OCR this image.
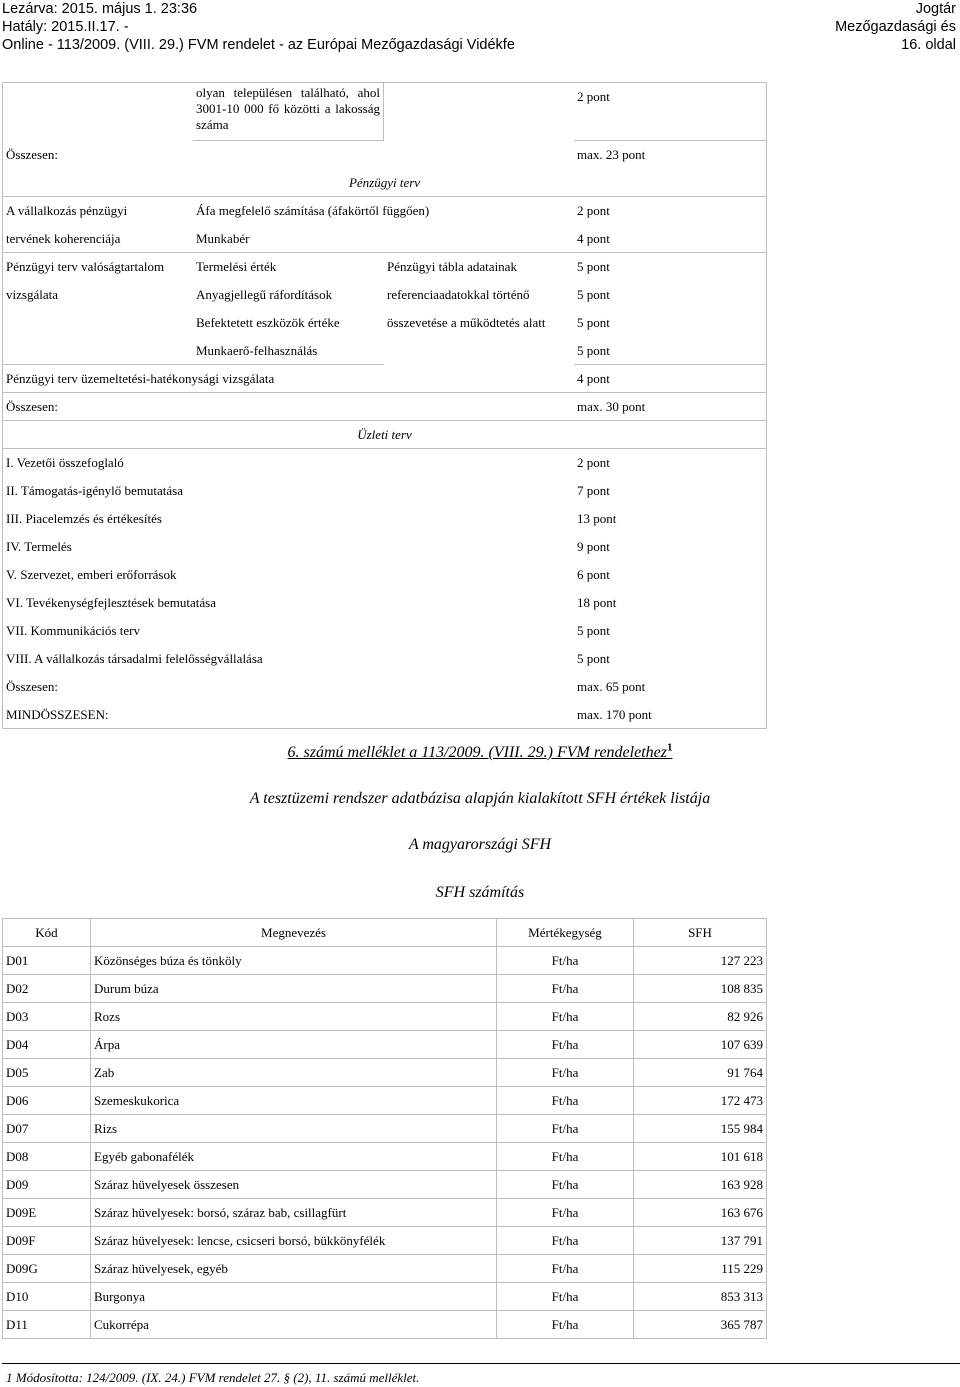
Lezárva: 2015. május 1. 23:36
Hatály: 2015.II.17. -
Online - 113/2009. (VIII. 29.) FVM rendelet - az Európai Mezőgazdasági Vidékfe
Jogtár
Mezőgazdasági és
16. oldal
	olyan településen található, ahol 3001-10 000 fő közötti a lakosság száma		2 pont
Összesen:			max. 23 pont
Pénzügyi terv			
A vállalkozás pénzügyi	Áfa megfelelő számítása (áfakörtől függően)		2 pont
tervének koherenciája	Munkabér		4 pont
Pénzügyi terv valóságtartalom	Termelési érték	Pénzügyi tábla adatainak	5 pont
vizsgálata	Anyagjellegű ráfordítások	referenciaadatokkal történő	5 pont
	Befektetett eszközök értéke	összevetése a működtetés alatt	5 pont
	Munkaerő-felhasználás		5 pont
Pénzügyi terv üzemeltetési-hatékonysági vizsgálata			4 pont
Összesen:			max. 30 pont
Üzleti terv			
I. Vezetői összefoglaló			2 pont
II. Támogatás-igénylő bemutatása			7 pont
III. Piacelemzés és értékesítés			13 pont
IV. Termelés			9 pont
V. Szervezet, emberi erőforrások			6 pont
VI. Tevékenységfejlesztések bemutatása			18 pont
VII. Kommunikációs terv			5 pont
VIII. A vállalkozás társadalmi felelősségvállalása			5 pont
Összesen:			max. 65 pont
MINDÖSSZESEN:			max. 170 pont
6. számú melléklet a 113/2009. (VIII. 29.) FVM rendelethez$^1$
A tesztüzemi rendszer adatbázisa alapján kialakított SFH értékek listája
A magyarországi SFH
SFH számítás
Kód	Megnevezés	Mértékegység	SFH
D01	Közönséges búza és tönköly	Ft/ha	127 223
D02	Durum búza	Ft/ha	108 835
D03	Rozs	Ft/ha	82 926
D04	Árpa	Ft/ha	107 639
D05	Zab	Ft/ha	91 764
D06	Szemeskukorica	Ft/ha	172 473
D07	Rizs	Ft/ha	155 984
D08	Egyéb gabonafélék	Ft/ha	101 618
D09	Száraz hüvelyesek összesen	Ft/ha	163 928
D09E	Száraz hüvelyesek: borsó, száraz bab, csillagfürt	Ft/ha	163 676
D09F	Száraz hüvelyesek: lencse, csicseri borsó, bükkönyfélék	Ft/ha	137 791
D09G	Száraz hüvelyesek, egyéb	Ft/ha	115 229
D10	Burgonya	Ft/ha	853 313
D11	Cukorrépa	Ft/ha	365 787
1 Módosította: 124/2009. (IX. 24.) FVM rendelet 27. § (2), 11. számú melléklet.
